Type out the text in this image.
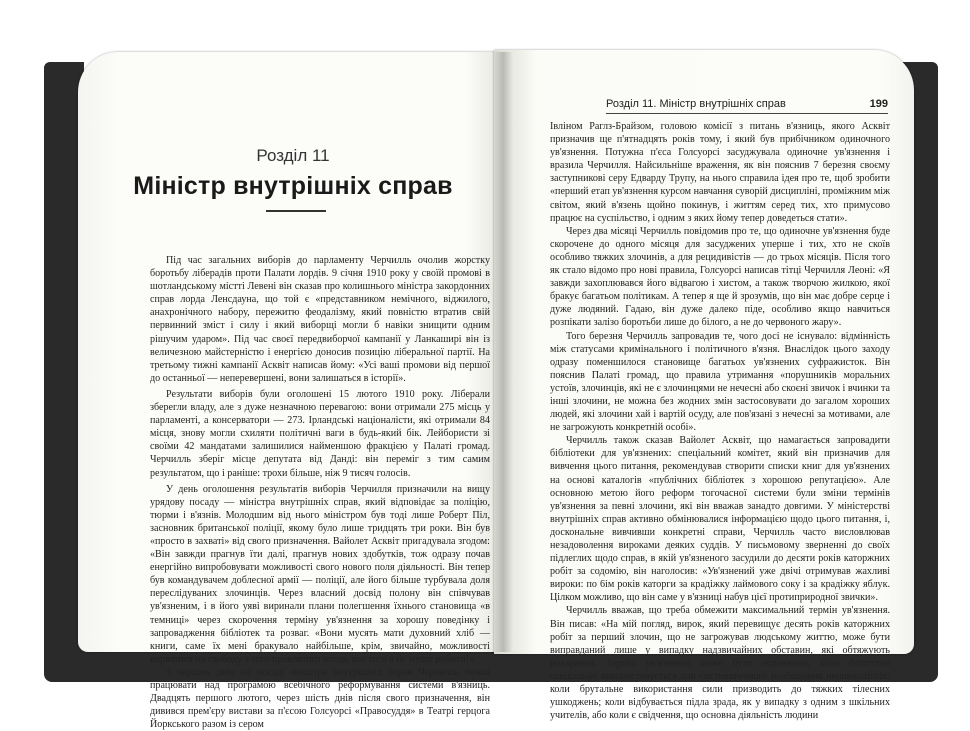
Розділ 11
Міністр внутрішніх справ

Під час загальних виборів до парламенту Черчилль очолив жорстку боротьбу ліберадів проти Палати лордів. 9 січня 1910 року у своїй промові в шотландському містті Левені він сказав про колишнього міністра закордонних справ лорда Ленсдауна, що той є «представником немічного, віджилого, анахронічного набору, пережитю феодалізму, який повністю втратив свій первинний зміст і силу і який виборщі могли б навіки знищити одним рішучим ударом». Під час своєї передвиборчої кампанії у Ланкаширі він із величезною майстерністю і енергією доносив позицію ліберальної партії. На третьому тижні кампанії Асквіт написав йому: «Усі ваші промови від першої до останньої — неперевершені, вони залишаться в історії».

Результати виборів були оголошені 15 лютого 1910 року. Ліберали зберегли владу, але з дуже незначною перевагою: вони отримали 275 місць у парламенті, а консерватори — 273. Ірландські націоналісти, які отримали 84 місця, знову могли схиляти політичні ваги в будь-який бік. Лейбористи зі своїми 42 мандатами залишилися найменшою фракцією у Палаті громад. Черчилль зберіг місце депутата від Данді: він переміг з тим самим результатом, що і раніше: трохи більше, ніж 9 тисяч голосів.

У день оголошення результатів виборів Черчилля призначили на вищу урядову посаду — міністра внутрішніх справ, який відповідає за поліцію, тюрми і в'язнів. Молодшим від нього міністром був тоді лише Роберт Піл, засновник британської поліції, якому було лише тридцять три роки. Він був «просто в захваті» від свого призначення. Вайолет Асквіт пригадувала згодом: «Він завжди прагнув їти далі, прагнув нових здобутків, тож одразу почав енергійно випробовувати можливості свого нового поля діяльності. Він тепер був командувачем доблесної армії — поліції, але його більше турбувала доля переслідуваних злочинців. Через власний досвід полону він співчував ув'язненим, і в його уяві виринали плани полегшення їхнього становища «в темниці» через скорочення терміну ув'язнення за хорошу поведінку і запровадження бібліотек та розваг. «Вони мусять мати духовний хліб — книги, саме їх мені бракувало найбільше, крім, звичайно, можливості вирватися на свободу з того проклятого місця, але того я не мушу робити!»

З перших днів на посаді міністра внутрішніх справ Черчилль почав працювати над програмою всебічного реформування системи в'язниць. Двадцять першого лютого, через шість днів після свого призначення, він дивився прем'єру вистави за п'єсою Голсуорсі «Правосуддя» в Театрі герцога Йоркського разом із сером

Розділ 11. Міністр внутрішніх справ	199

Івліном Раглз-Брайзом, головою комісії з питань в'язниць, якого Асквіт призначив ще п'ятнадцять років тому, і який був прибічником одиночного ув'язнення. Потужна п'єса Голсуорсі засуджувала одиночне ув'язнення і вразила Черчилля. Найсильніше враження, як він пояснив 7 березня своєму заступникові серу Едварду Трупу, на нього справила ідея про те, щоб зробити «перший етап ув'язнення курсом навчання суворій дисципліні, проміжним між світом, який в'язень щойно покинув, і життям серед тих, хто примусово працює на суспільство, і одним з яких йому тепер доведеться стати».

Через два місяці Черчилль повідомив про те, що одиночне ув'язнення буде скорочене до одного місяця для засуджених уперше і тих, хто не скоїв особливо тяжких злочинів, а для рецидивістів — до трьох місяців. Після того як стало відомо про нові правила, Голсуорсі написав тітці Черчилля Леоні: «Я завжди захоплювався його відвагою і хистом, а також творчою жилкою, якої бракує багатьом політикам. А тепер я ще й зрозумів, що він має добре серце і дуже людяний. Гадаю, він дуже далеко піде, особливо якщо навчиться розпікати залізо боротьби лише до білого, а не до червоного жару».

Того березня Черчилль запровадив те, чого досі не існувало: відмінність між статусами кримінального і політичного в'язня. Внаслідок цього заходу одразу поменшилося становище багатьох ув'язнених суфражисток. Він пояснив Палаті громад, що правила утримання «порушників моральних устоїв, злочинців, які не є злочинцями не нечесні або скоєні звичок і вчинки та інші злочини, не можна без жодних змін застосовувати до загалом хороших людей, які злочини хай і вартій осуду, але пов'язані з нечесні за мотивами, але не загрожують конкретній особі».

Черчилль також сказав Вайолет Асквіт, що намагається запровадити бібліотеки для ув'язнених: спеціальний комітет, який він призначив для вивчення цього питання, рекомендував створити списки книг для ув'язнених на основі каталогів «публічних бібліотек з хорошою репутацією». Але основною метою його реформ тогочасної системи були зміни термінів ув'язнення за певні злочини, які він вважав занадто довгими. У міністерстві внутрішніх справ активно обмінювалися інформацією щодо цього питання, і, доскональне вивчивши конкретні справи, Черчилль часто висловлював незадоволення вироками деяких суддів. У письмовому зверненні до своїх підлеглих щодо справ, в якій ув'язненого засудили до десяти років каторжних робіт за содомію, він наголосив: «Ув'язнений уже двічі отримував жахливі вироки: по 6ім років каторги за крадіжку лаймового соку і за крадіжку яблук. Цілком можливо, що він саме у в'язниці набув цієї протиприродної звички».

Черчилль вважав, що треба обмежити максимальний термін ув'язнення. Він писав: «На мій погляд, вирок, який перевищує десять років каторжних робіт за перший злочин, що не загрожував людському життю, може бути виправданий лише у випадку надзвичайних обставин, які обтяжують покарання. Термін ув'язнення може бути подовжено, коли багатство спеціально використовується для систематичного розбещення неповнолітніх; коли брутальне використання сили призводить до тяжких тілесних ушкоджень; коли відбувається підла зрада, як у випадку з одним з шкільних учителів, або коли є свідчення, що основна діяльність людини
